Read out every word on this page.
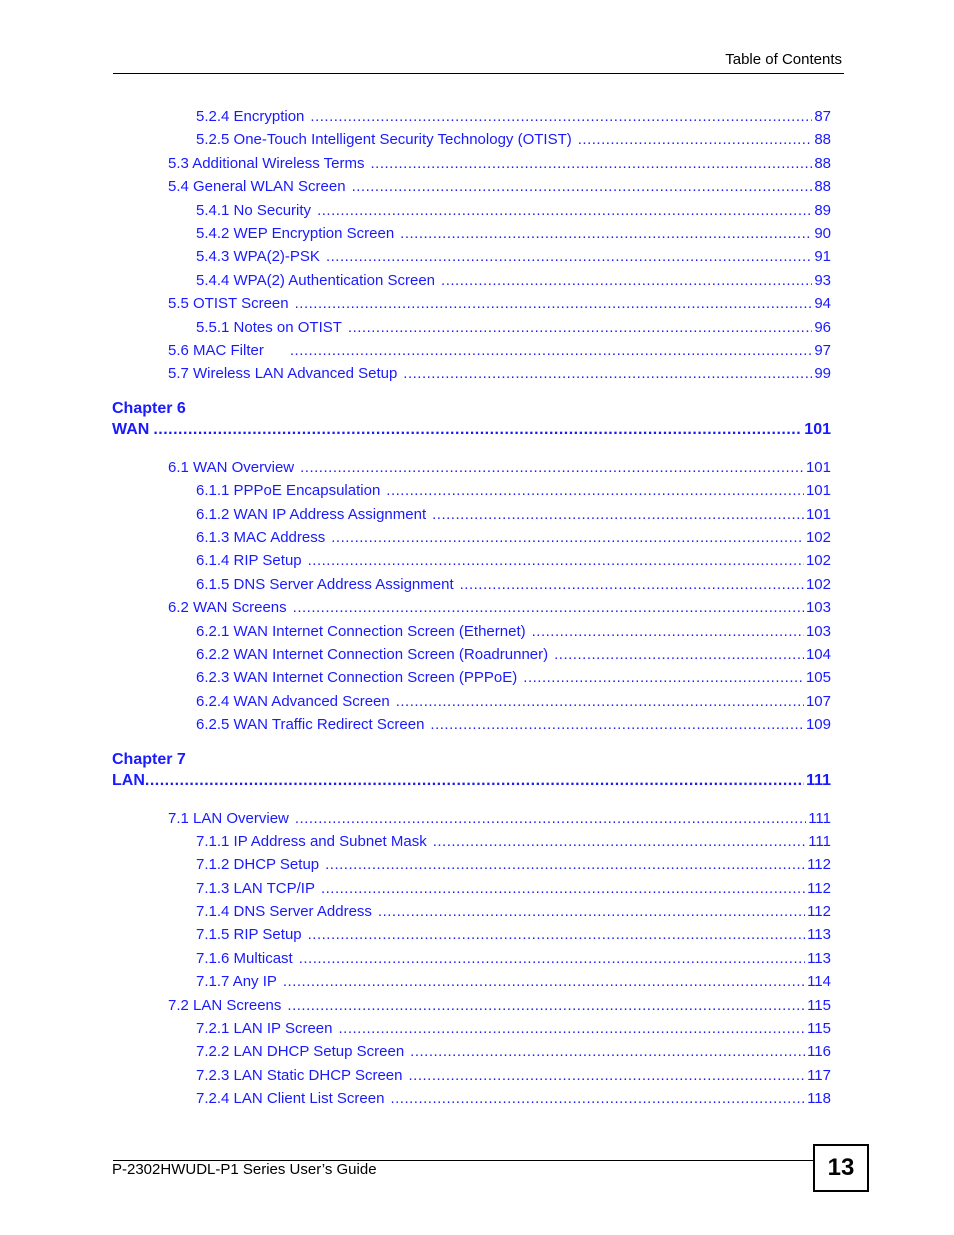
Table of Contents
5.2.4 Encryption .....	87
5.2.5 One-Touch Intelligent Security Technology (OTIST) .....	88
5.3 Additional Wireless Terms .....	88
5.4 General WLAN Screen .....	88
5.4.1 No Security .....	89
5.4.2 WEP Encryption Screen .....	90
5.4.3 WPA(2)-PSK .....	91
5.4.4 WPA(2) Authentication Screen .....	93
5.5 OTIST Screen .....	94
5.5.1 Notes on OTIST .....	96
5.6 MAC Filter .....	97
5.7 Wireless LAN Advanced Setup .....	99
Chapter 6
WAN .....	101
6.1 WAN Overview .....	101
6.1.1 PPPoE Encapsulation .....	101
6.1.2 WAN IP Address Assignment .....	101
6.1.3 MAC Address .....	102
6.1.4 RIP Setup .....	102
6.1.5 DNS Server Address Assignment .....	102
6.2 WAN Screens .....	103
6.2.1 WAN Internet Connection Screen (Ethernet) .....	103
6.2.2 WAN Internet Connection Screen (Roadrunner) .....	104
6.2.3 WAN Internet Connection Screen (PPPoE) .....	105
6.2.4 WAN Advanced Screen .....	107
6.2.5 WAN Traffic Redirect Screen .....	109
Chapter 7
LAN .....	111
7.1 LAN Overview .....	111
7.1.1 IP Address and Subnet Mask .....	111
7.1.2 DHCP Setup .....	112
7.1.3 LAN TCP/IP .....	112
7.1.4 DNS Server Address .....	112
7.1.5 RIP Setup .....	113
7.1.6 Multicast .....	113
7.1.7 Any IP .....	114
7.2 LAN Screens .....	115
7.2.1 LAN IP Screen .....	115
7.2.2 LAN DHCP Setup Screen .....	116
7.2.3 LAN Static DHCP Screen .....	117
7.2.4 LAN Client List Screen .....	118
P-2302HWUDL-P1 Series User’s Guide	13
